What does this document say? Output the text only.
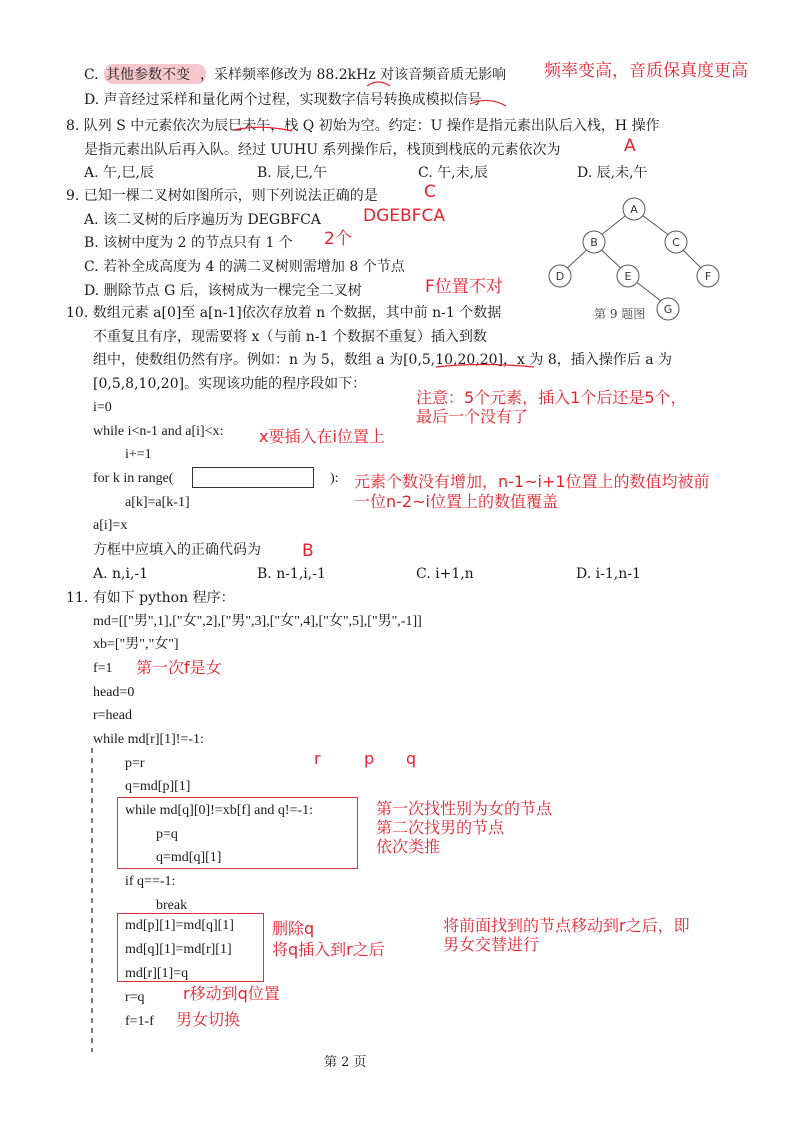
C. 其他参数不变 ，采样频率修改为 88.2kHz 对该音频音质无影响 频率变高，音质保真度更高
D. 声音经过采样和量化两个过程，实现数字信号转换成模拟信号
8. 队列 S 中元素依次为辰巳未午，栈 Q 初始为空。约定：U 操作是指元素出队后入栈，H 操作
是指元素出队后再入队。经过 UUHU 系列操作后，栈顶到栈底的元素依次为	A
A. 午,巳,辰	B. 辰,巳,午	C. 午,未,辰	D. 辰,未,午
9. 已知一棵二叉树如图所示，则下列说法正确的是	C
A. 该二叉树的后序遍历为 DEGBFCA DGEBFCA
B. 该树中度为 2 的节点只有 1 个 2个
C. 若补全成高度为 4 的满二叉树则需增加 8 个节点
D. 删除节点 G 后，该树成为一棵完全二叉树	F位置不对
A
B	C
D	E	F
G
第 9 题图
10. 数组元素 a[0]至 a[n-1]依次存放着 n 个数据，其中前 n-1 个数据
不重复且有序，现需要将 x（与前 n-1 个数据不重复）插入到数
组中，使数组仍然有序。例如：n 为 5，数组 a 为[0,5,10,20,20]，x 为 8，插入操作后 a 为
[0,5,8,10,20]。实现该功能的程序段如下：
注意：5个元素，插入1个后还是5个，
最后一个没有了
i=0
while i<n-1 and a[i]<x: x要插入在i位置上
i+=1
for k in range(	): 元素个数没有增加，n-1~i+1位置上的数值均被前
一位n-2~i位置上的数值覆盖
a[k]=a[k-1]
a[i]=x
方框中应填入的正确代码为 B
A. n,i,-1	B. n-1,i,-1	C. i+1,n	D. i-1,n-1
11. 有如下 python 程序：
md=[["男",1],["女",2],["男",3],["女",4],["女",5],["男",-1]]
xb=["男","女"]
f=1 第一次f是女
head=0
r=head
while md[r][1]!=-1:
p=r	r	p q
q=md[p][1]
while md[q][0]!=xb[f] and q!=-1:
p=q
q=md[q][1]
第一次找性别为女的节点
第二次找男的节点
依次类推
if q==-1:
break
md[p][1]=md[q][1]
md[q][1]=md[r][1]
md[r][1]=q
删除q
将q插入到r之后
将前面找到的节点移动到r之后，即
男女交替进行
r=q r移动到q位置
f=1-f 男女切换
第 2 页
